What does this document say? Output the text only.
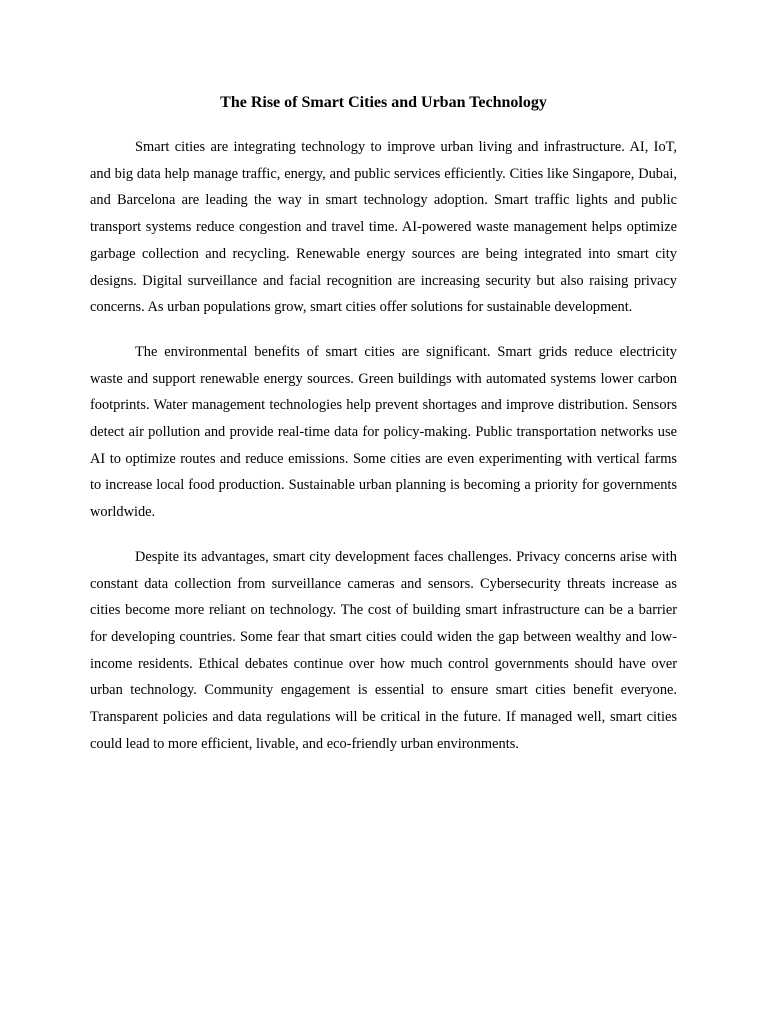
The Rise of Smart Cities and Urban Technology

Smart cities are integrating technology to improve urban living and infrastructure. AI, IoT, and big data help manage traffic, energy, and public services efficiently. Cities like Singapore, Dubai, and Barcelona are leading the way in smart technology adoption. Smart traffic lights and public transport systems reduce congestion and travel time. AI-powered waste management helps optimize garbage collection and recycling. Renewable energy sources are being integrated into smart city designs. Digital surveillance and facial recognition are increasing security but also raising privacy concerns. As urban populations grow, smart cities offer solutions for sustainable development.

The environmental benefits of smart cities are significant. Smart grids reduce electricity waste and support renewable energy sources. Green buildings with automated systems lower carbon footprints. Water management technologies help prevent shortages and improve distribution. Sensors detect air pollution and provide real-time data for policy-making. Public transportation networks use AI to optimize routes and reduce emissions. Some cities are even experimenting with vertical farms to increase local food production. Sustainable urban planning is becoming a priority for governments worldwide.

Despite its advantages, smart city development faces challenges. Privacy concerns arise with constant data collection from surveillance cameras and sensors. Cybersecurity threats increase as cities become more reliant on technology. The cost of building smart infrastructure can be a barrier for developing countries. Some fear that smart cities could widen the gap between wealthy and low-income residents. Ethical debates continue over how much control governments should have over urban technology. Community engagement is essential to ensure smart cities benefit everyone. Transparent policies and data regulations will be critical in the future. If managed well, smart cities could lead to more efficient, livable, and eco-friendly urban environments.
